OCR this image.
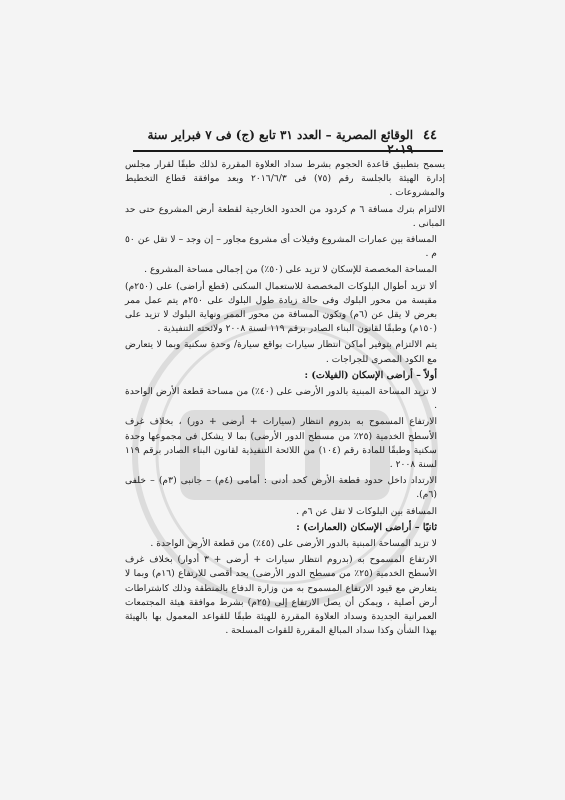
٤٤
الوقائع المصرية – العدد ٣١ تابع (ج) فى ٧ فبراير سنة ٢٠١٩

يسمح بتطبيق قاعدة الحجوم بشرط سداد العلاوة المقررة لذلك طبقًا لقرار مجلس إدارة الهيئة بالجلسة رقم (٧٥) فى ٢٠١٦/٦/٣ وبعد موافقة قطاع التخطيط والمشروعات .

الالتزام بترك مسافة ٦ م كردود من الحدود الخارجية لقطعة أرض المشروع حتى حد المبانى .

المسافة بين عمارات المشروع وفيلات أى مشروع مجاور – إن وجد – لا تقل عن ٥٠ م .

المساحة المخصصة للإسكان لا تزيد على (٥٠٪) من إجمالى مساحة المشروع .

ألا تزيد أطوال البلوكات المخصصة للاستعمال السكنى (قطع أراضى) على (٢٥٠م) مقيسة من محور البلوك وفى حالة زيادة طول البلوك على ٢٥٠م يتم عمل ممر بعرض لا يقل عن (٦م) وتكون المسافة من محور الممر ونهاية البلوك لا تزيد على (١٥٠م) وطبقًا لقانون البناء الصادر برقم ١١٩ لسنة ٢٠٠٨ ولائحته التنفيذية .

يتم الالتزام بتوفير أماكن انتظار سيارات بواقع سيارة/ وحدة سكنية وبما لا يتعارض مع الكود المصرى للجراجات .

أولاً – أراضى الإسكان (الفيلات) :

لا تزيد المساحة المبنية بالدور الأرضى على (٤٠٪) من مساحة قطعة الأرض الواحدة .

الارتفاع المسموح به بدروم انتظار (سيارات + أرضى + دور) ، بخلاف غرف الأسطح الخدمية (٢٥٪ من مسطح الدور الأرضى) بما لا يشكل فى مجموعها وحدة سكنية وطبقًا للمادة رقم (١٠٤) من اللائحة التنفيذية لقانون البناء الصادر برقم ١١٩ لسنة ٢٠٠٨ .

الارتداد داخل حدود قطعة الأرض كحد أدنى : أمامى (٤م) – جانبى (٣م) – خلفى (٦م).

المسافة بين البلوكات لا تقل عن ٦م .

ثانيًا – أراضى الإسكان (العمارات) :

لا تزيد المساحة المبنية بالدور الأرضى على (٤٥٪) من قطعة الأرض الواحدة .

الارتفاع المسموح به (بدروم انتظار سيارات + أرضى + ٣ أدوار) بخلاف غرف الأسطح الخدمية (٢٥٪ من مسطح الدور الأرضى) بحد أقصى للارتفاع (١٦م) وبما لا يتعارض مع قيود الارتفاع المسموح به من وزارة الدفاع بالمنطقة وذلك كاشتراطات أرض أصلية ، ويمكن أن يصل الارتفاع إلى (٢٥م) بشرط موافقة هيئة المجتمعات العمرانية الجديدة وسداد العلاوة المقررة للهيئة طبقًا للقواعد المعمول بها بالهيئة بهذا الشأن وكذا سداد المبالغ المقررة للقوات المسلحة .
